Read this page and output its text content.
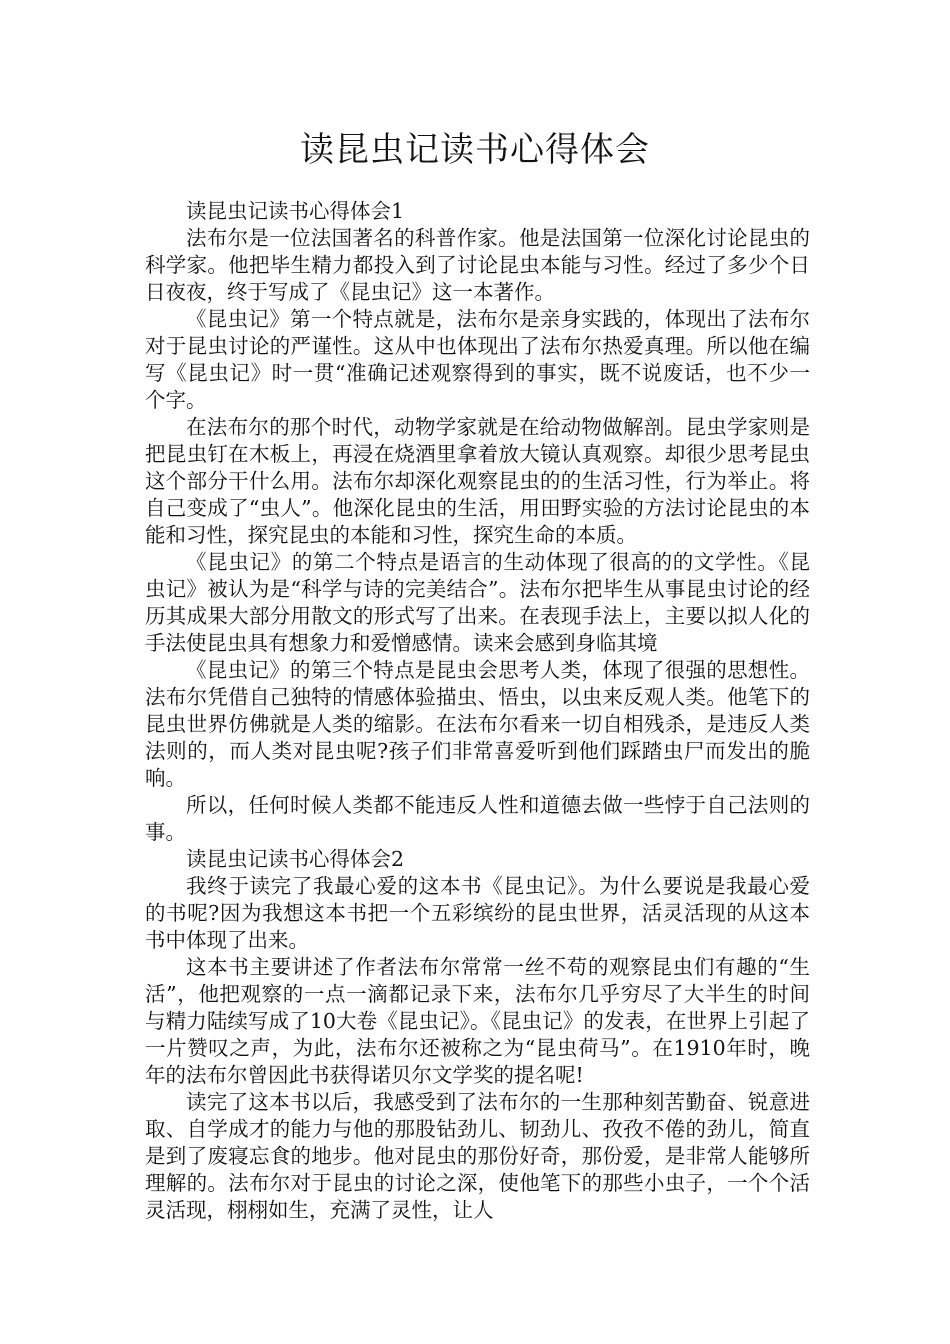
读昆虫记读书心得体会

读昆虫记读书心得体会1

法布尔是一位法国著名的科普作家。他是法国第一位深化讨论昆虫的科学家。他把毕生精力都投入到了讨论昆虫本能与习性。经过了多少个日日夜夜，终于写成了《昆虫记》这一本著作。

《昆虫记》第一个特点就是，法布尔是亲身实践的，体现出了法布尔对于昆虫讨论的严谨性。这从中也体现出了法布尔热爱真理。所以他在编写《昆虫记》时一贯“准确记述观察得到的事实，既不说废话，也不少一个字。

在法布尔的那个时代，动物学家就是在给动物做解剖。昆虫学家则是把昆虫钉在木板上，再浸在烧酒里拿着放大镜认真观察。却很少思考昆虫这个部分干什么用。法布尔却深化观察昆虫的的生活习性，行为举止。将自己变成了“虫人”。他深化昆虫的生活，用田野实验的方法讨论昆虫的本能和习性，探究昆虫的本能和习性，探究生命的本质。

《昆虫记》的第二个特点是语言的生动体现了很高的的文学性。《昆虫记》被认为是“科学与诗的完美结合”。法布尔把毕生从事昆虫讨论的经历其成果大部分用散文的形式写了出来。在表现手法上，主要以拟人化的手法使昆虫具有想象力和爱憎感情。读来会感到身临其境

《昆虫记》的第三个特点是昆虫会思考人类，体现了很强的思想性。法布尔凭借自己独特的情感体验描虫、悟虫，以虫来反观人类。他笔下的昆虫世界仿佛就是人类的缩影。在法布尔看来一切自相残杀，是违反人类法则的，而人类对昆虫呢?孩子们非常喜爱听到他们踩踏虫尸而发出的脆响。

所以，任何时候人类都不能违反人性和道德去做一些悖于自己法则的事。

读昆虫记读书心得体会2

我终于读完了我最心爱的这本书《昆虫记》。为什么要说是我最心爱的书呢?因为我想这本书把一个五彩缤纷的昆虫世界，活灵活现的从这本书中体现了出来。

这本书主要讲述了作者法布尔常常一丝不苟的观察昆虫们有趣的“生活”，他把观察的一点一滴都记录下来，法布尔几乎穷尽了大半生的时间与精力陆续写成了10大卷《昆虫记》。《昆虫记》的发表，在世界上引起了一片赞叹之声，为此，法布尔还被称之为“昆虫荷马”。在1910年时，晚年的法布尔曾因此书获得诺贝尔文学奖的提名呢!

读完了这本书以后，我感受到了法布尔的一生那种刻苦勤奋、锐意进取、自学成才的能力与他的那股钻劲儿、韧劲儿、孜孜不倦的劲儿，简直是到了废寝忘食的地步。他对昆虫的那份好奇，那份爱，是非常人能够所理解的。法布尔对于昆虫的讨论之深，使他笔下的那些小虫子，一个个活灵活现，栩栩如生，充满了灵性，让人
